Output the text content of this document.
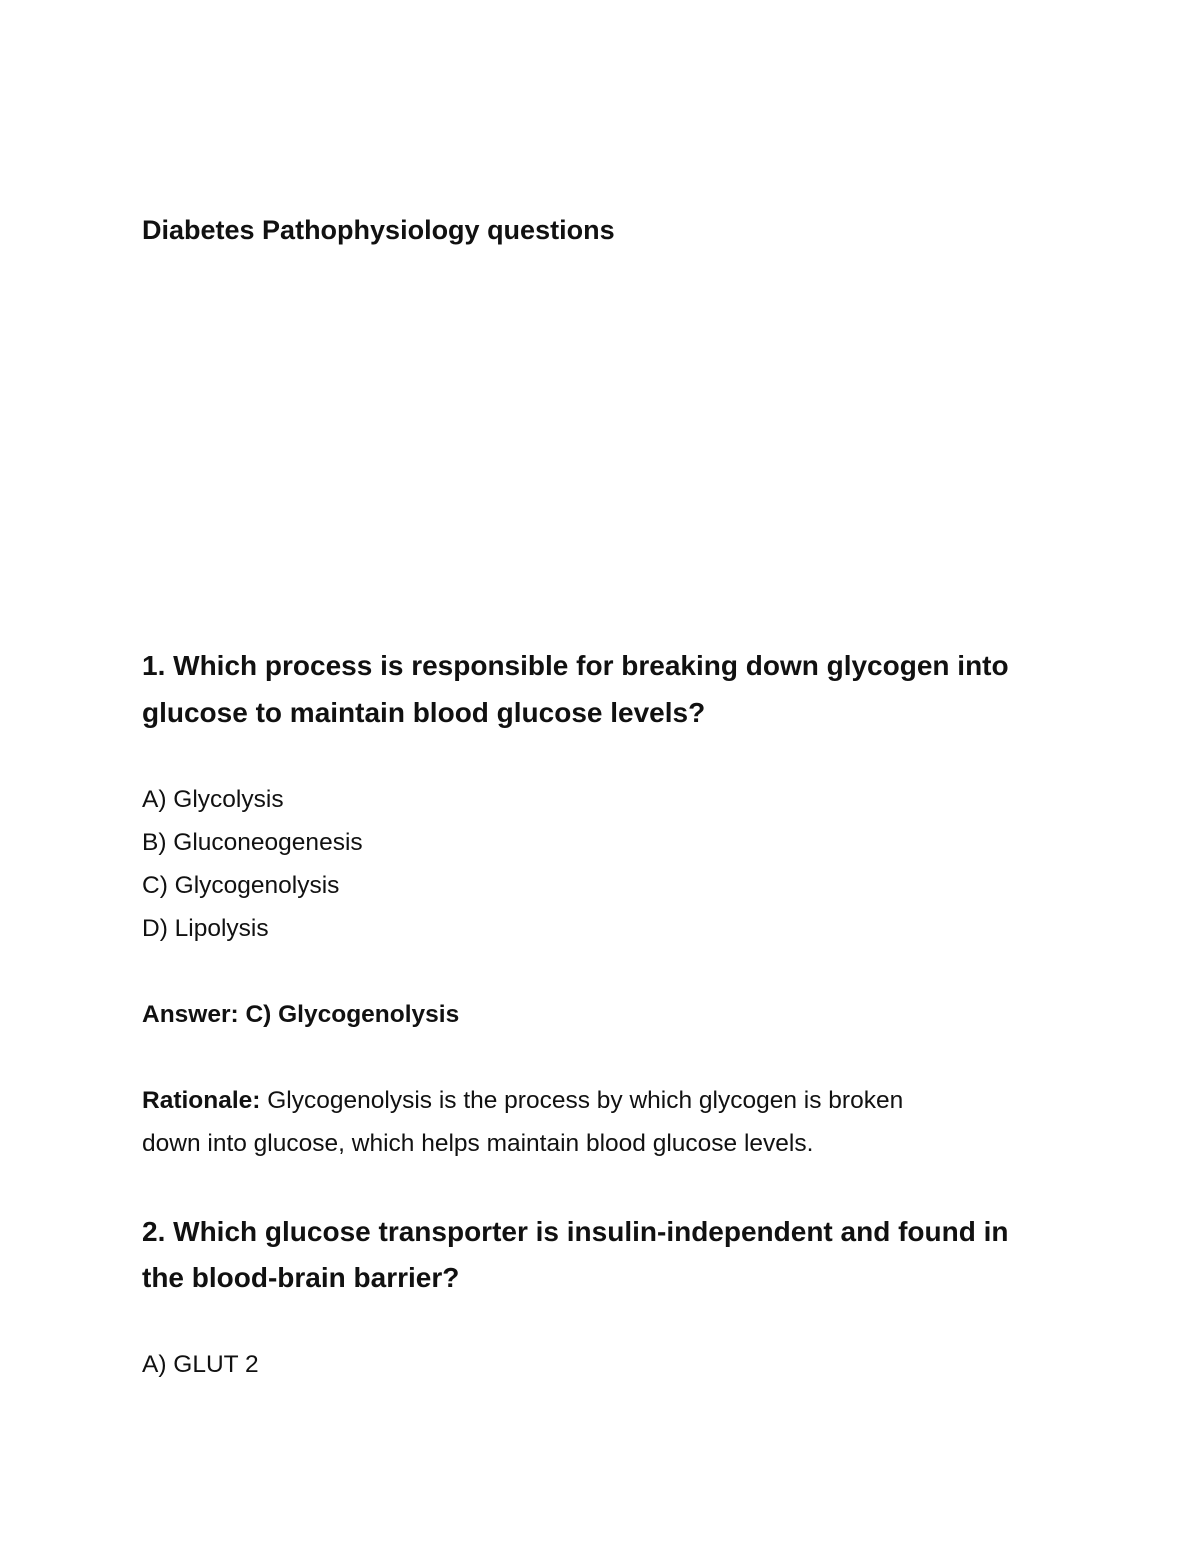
Diabetes Pathophysiology questions
1. Which process is responsible for breaking down glycogen into
glucose to maintain blood glucose levels?
A) Glycolysis
B) Gluconeogenesis
C) Glycogenolysis
D) Lipolysis
Answer: C) Glycogenolysis
Rationale: Glycogenolysis is the process by which glycogen is broken
down into glucose, which helps maintain blood glucose levels.
2. Which glucose transporter is insulin-independent and found in
the blood-brain barrier?
A) GLUT 2
